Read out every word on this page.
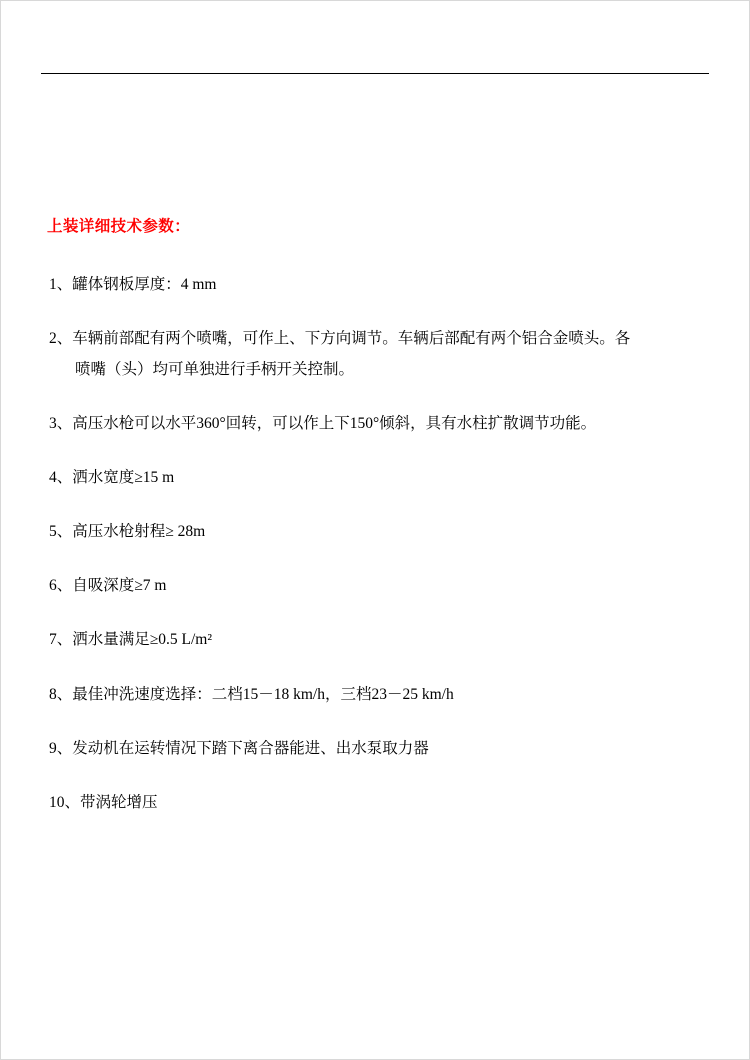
上装详细技术参数：

1、罐体钢板厚度：4 mm

2、车辆前部配有两个喷嘴，可作上、下方向调节。车辆后部配有两个铝合金喷头。各
喷嘴（头）均可单独进行手柄开关控制。

3、高压水枪可以水平360°回转，可以作上下150°倾斜，具有水柱扩散调节功能。

4、洒水宽度≥15 m

5、高压水枪射程≥ 28m

6、自吸深度≥7 m

7、洒水量满足≥0.5 L/m²

8、最佳冲洗速度选择：二档15－18 km/h，三档23－25 km/h

9、发动机在运转情况下踏下离合器能进、出水泵取力器

10、带涡轮增压
